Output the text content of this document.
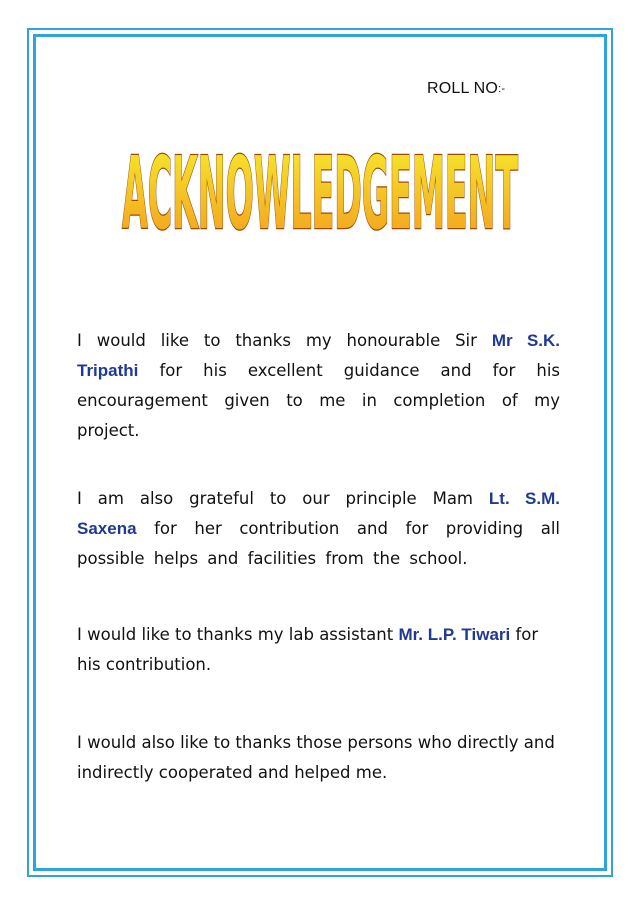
ROLL NO:-
ACKNOWLEDGEMENT

I would like to thanks my honourable Sir Mr S.K. Tripathi for his excellent guidance and for his encouragement given to me in completion of my project.

I am also grateful to our principle Mam Lt. S.M. Saxena for her contribution and for providing all possible helps and facilities from the school.

I would like to thanks my lab assistant Mr. L.P. Tiwari for his contribution.

I would also like to thanks those persons who directly and indirectly cooperated and helped me.
